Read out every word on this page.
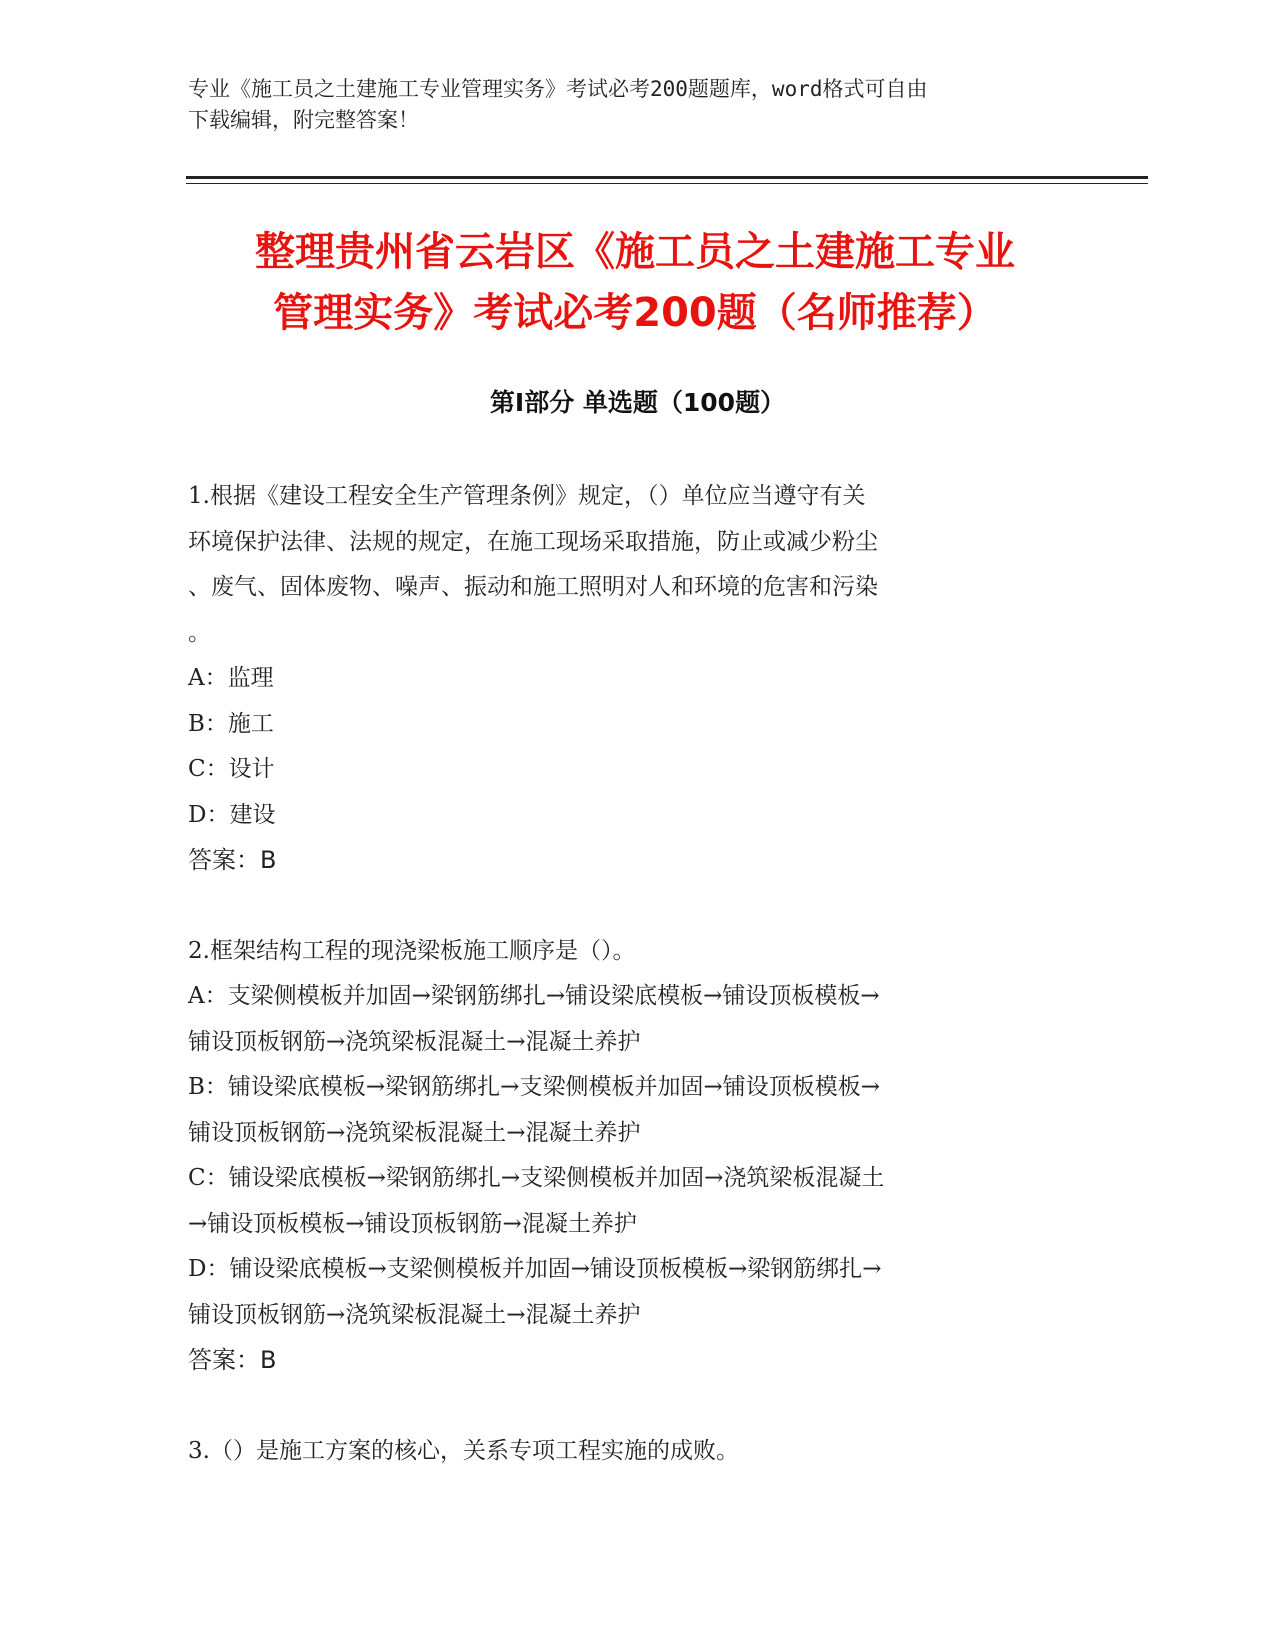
专业《施工员之土建施工专业管理实务》考试必考200题题库，word格式可自由
下载编辑，附完整答案！
整理贵州省云岩区《施工员之土建施工专业
管理实务》考试必考200题（名师推荐）
第Ⅰ部分 单选题（100题）
1.根据《建设工程安全生产管理条例》规定，（）单位应当遵守有关
环境保护法律、法规的规定，在施工现场采取措施，防止或减少粉尘
、废气、固体废物、噪声、振动和施工照明对人和环境的危害和污染
。
A：监理
B：施工
C：设计
D：建设
答案：B
2.框架结构工程的现浇梁板施工顺序是（）。
A：支梁侧模板并加固→梁钢筋绑扎→铺设梁底模板→铺设顶板模板→
铺设顶板钢筋→浇筑梁板混凝土→混凝土养护
B：铺设梁底模板→梁钢筋绑扎→支梁侧模板并加固→铺设顶板模板→
铺设顶板钢筋→浇筑梁板混凝土→混凝土养护
C：铺设梁底模板→梁钢筋绑扎→支梁侧模板并加固→浇筑梁板混凝土
→铺设顶板模板→铺设顶板钢筋→混凝土养护
D：铺设梁底模板→支梁侧模板并加固→铺设顶板模板→梁钢筋绑扎→
铺设顶板钢筋→浇筑梁板混凝土→混凝土养护
答案：B
3.（）是施工方案的核心，关系专项工程实施的成败。
